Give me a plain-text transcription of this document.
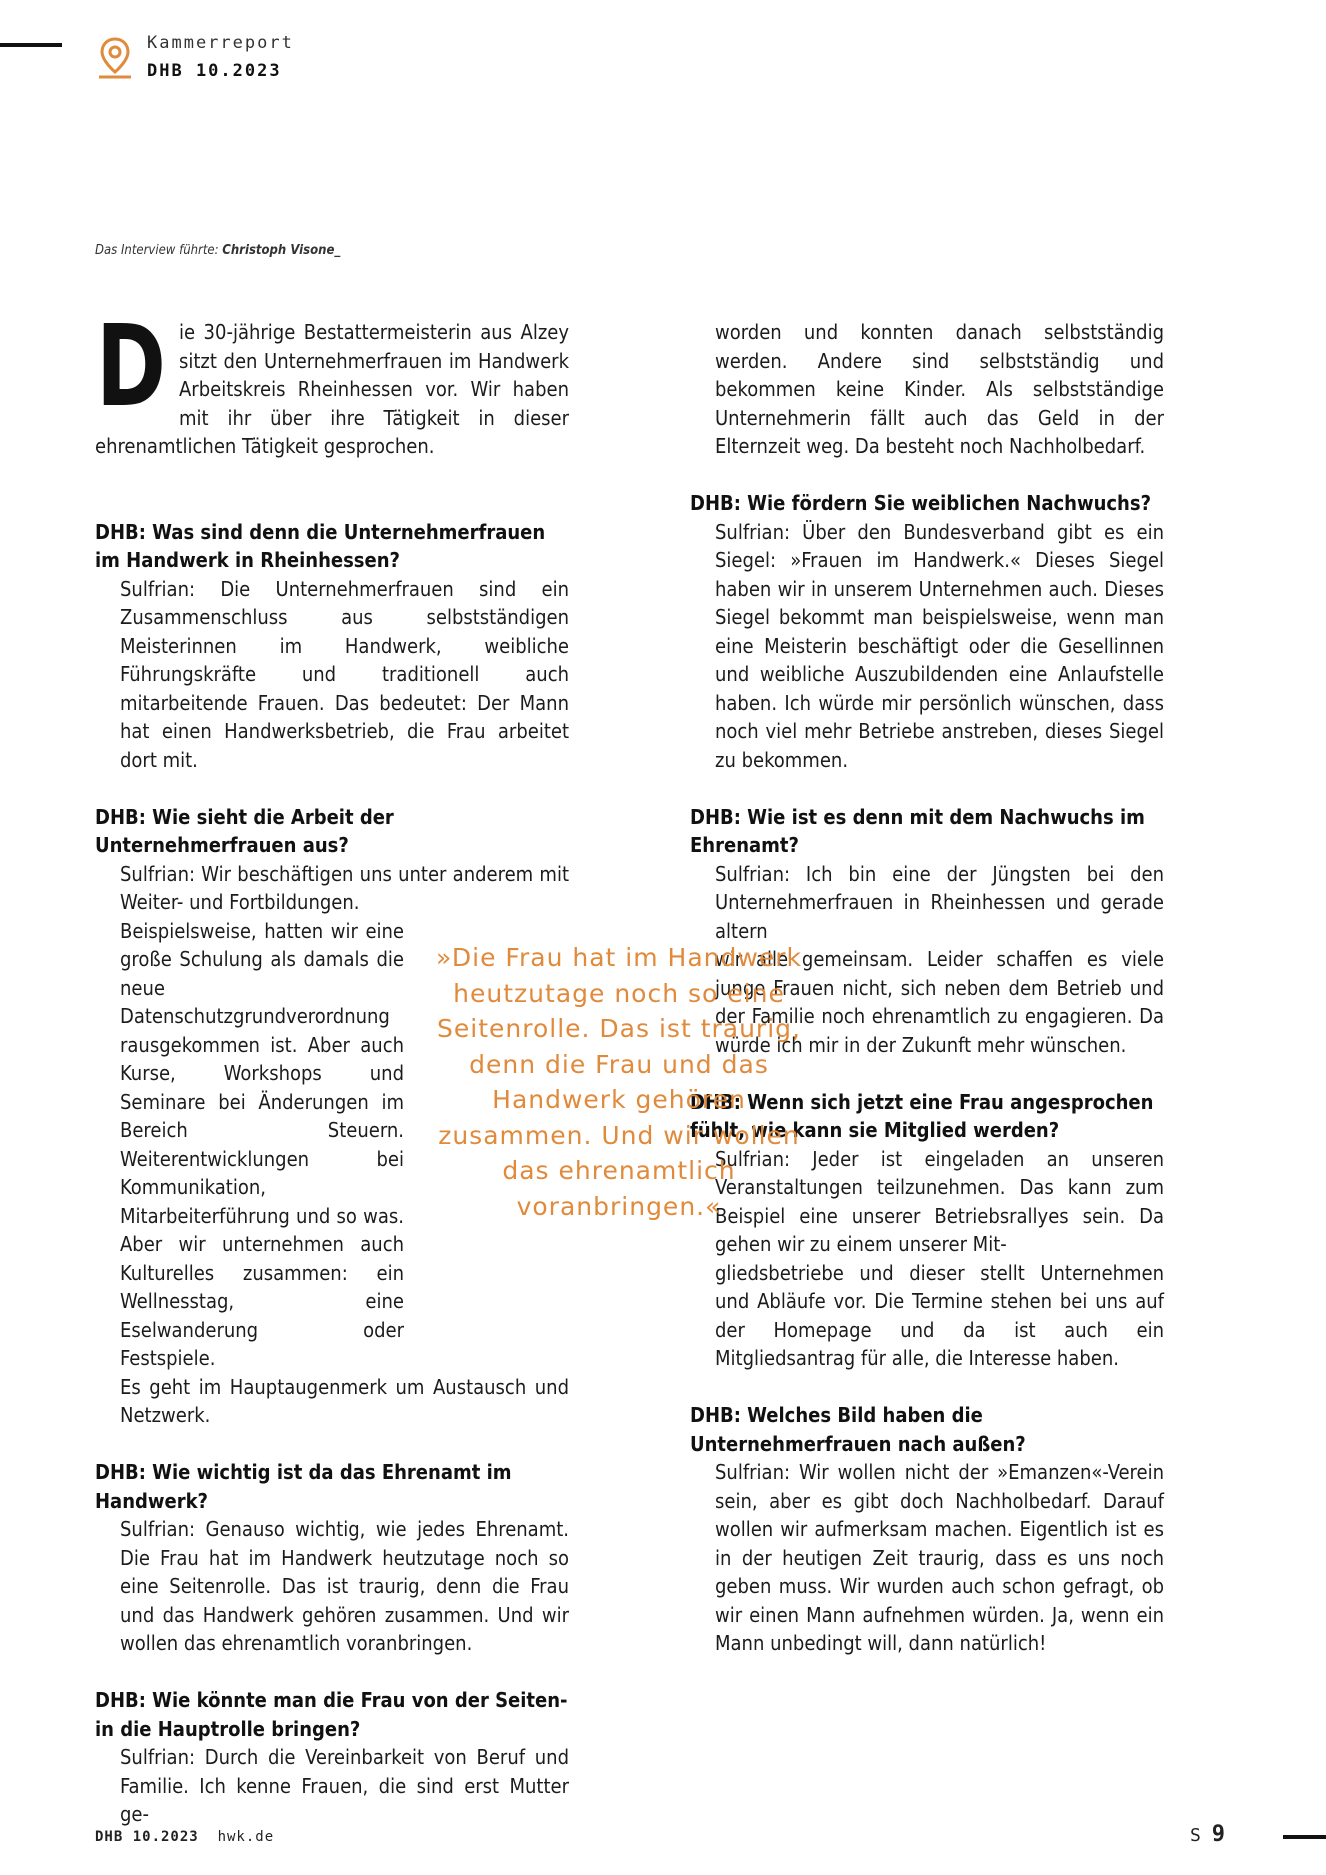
Kammerreport
DHB 10.2023
Das Interview führte: Christoph Visone_
D ie 30-jährige Bestattermeisterin aus Alzey sitzt den Unternehmerfrauen im Handwerk Arbeitskreis Rheinhessen vor. Wir haben mit ihr über ihre Tätigkeit in dieser ehrenamtlichen Tätigkeit gesprochen.

DHB: Was sind denn die Unternehmerfrauen im Handwerk in Rheinhessen?

Sulfrian: Die Unternehmerfrauen sind ein Zusammenschluss aus selbstständigen Meisterinnen im Handwerk, weibliche Führungskräfte und traditionell auch mitarbeitende Frauen. Das bedeutet: Der Mann hat einen Handwerksbetrieb, die Frau arbeitet dort mit.

DHB: Wie sieht die Arbeit der Unternehmerfrauen aus?

Sulfrian: Wir beschäftigen uns unter anderem mit Weiter- und Fortbildungen.

Beispielsweise, hatten wir eine große Schulung als damals die neue Datenschutzgrundverordnung rausgekommen ist. Aber auch Kurse, Workshops und Seminare bei Änderungen im Bereich Steuern. Weiterentwicklungen bei Kommunikation, Mitarbeiterführung und so was. Aber wir unternehmen auch Kulturelles zusammen: ein Wellnesstag, eine Eselwanderung oder Festspiele.

Es geht im Hauptaugenmerk um Austausch und Netzwerk.

DHB: Wie wichtig ist da das Ehrenamt im Handwerk?

Sulfrian: Genauso wichtig, wie jedes Ehrenamt. Die Frau hat im Handwerk heutzutage noch so eine Seitenrolle. Das ist traurig, denn die Frau und das Handwerk gehören zusammen. Und wir wollen das ehrenamtlich voranbringen.

DHB: Wie könnte man die Frau von der Seiten- in die Hauptrolle bringen?

Sulfrian: Durch die Vereinbarkeit von Beruf und Familie. Ich kenne Frauen, die sind erst Mutter ge-

worden und konnten danach selbstständig werden. Andere sind selbstständig und bekommen keine Kinder. Als selbstständige Unternehmerin fällt auch das Geld in der Elternzeit weg. Da besteht noch Nachholbedarf.

DHB: Wie fördern Sie weiblichen Nachwuchs?

Sulfrian: Über den Bundesverband gibt es ein Siegel: »Frauen im Handwerk.« Dieses Siegel haben wir in unserem Unternehmen auch. Dieses Siegel bekommt man beispielsweise, wenn man eine Meisterin beschäftigt oder die Gesellinnen und weibliche Auszubildenden eine Anlaufstelle haben. Ich würde mir persönlich wünschen, dass noch viel mehr Betriebe anstreben, dieses Siegel zu bekommen.

DHB: Wie ist es denn mit dem Nachwuchs im Ehrenamt?

Sulfrian: Ich bin eine der Jüngsten bei den Unternehmerfrauen in Rheinhessen und gerade altern

wir alle gemeinsam. Leider schaffen es viele junge Frauen nicht, sich neben dem Betrieb und der Familie noch ehrenamtlich zu engagieren. Da würde ich mir in der Zukunft mehr wünschen.

DHB: Wenn sich jetzt eine Frau angesprochen fühlt, wie kann sie Mitglied werden?

Sulfrian: Jeder ist eingeladen an unseren Veranstaltungen teilzunehmen. Das kann zum Beispiel eine unserer Betriebsrallyes sein. Da gehen wir zu einem unserer Mit-

gliedsbetriebe und dieser stellt Unternehmen und Abläufe vor. Die Termine stehen bei uns auf der Homepage und da ist auch ein Mitgliedsantrag für alle, die Interesse haben.

DHB: Welches Bild haben die Unternehmerfrauen nach außen?

Sulfrian: Wir wollen nicht der »Emanzen«-Verein sein, aber es gibt doch Nachholbedarf. Darauf wollen wir aufmerksam machen. Eigentlich ist es in der heutigen Zeit traurig, dass es uns noch geben muss. Wir wurden auch schon gefragt, ob wir einen Mann aufnehmen würden. Ja, wenn ein Mann unbedingt will, dann natürlich!

»Die Frau hat im Handwerk heutzutage noch so eine Seitenrolle. Das ist traurig, denn die Frau und das Handwerk gehören zusammen. Und wir wollen das ehrenamtlich voranbringen.«
DHB 10.2023 hwk.de	S 9
